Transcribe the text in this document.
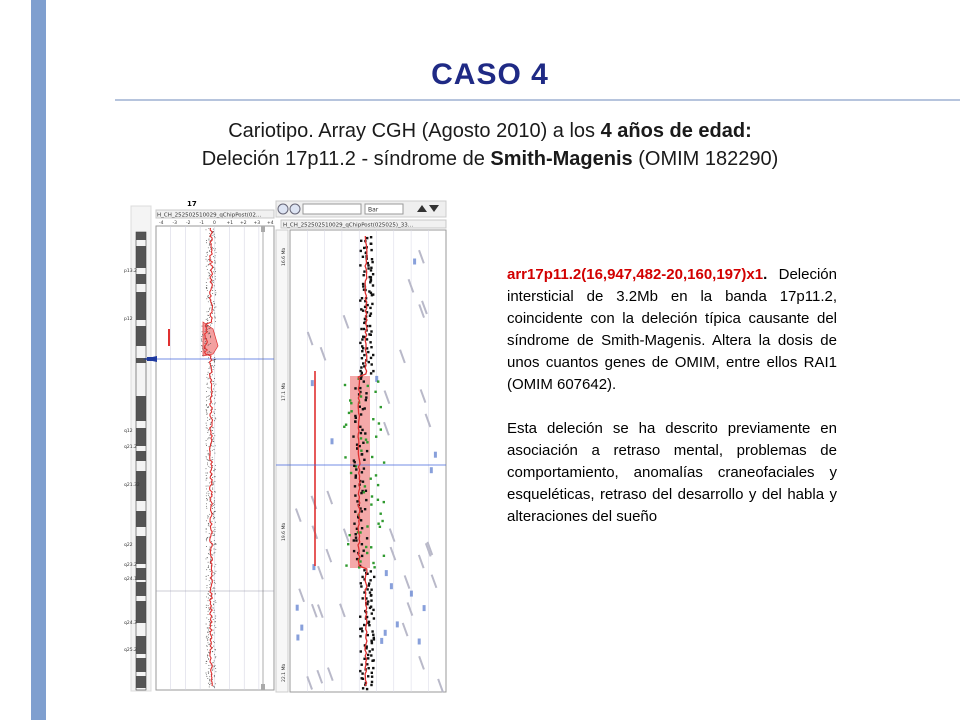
CASO 4
Cariotipo. Array CGH (Agosto 2010) a los 4 años de edad:
Deleción 17p11.2 - síndrome de Smith-Magenis (OMIM 182290)
17
p13.2
p12
q12
q21.2
q21.32
q22
q23.2
q24.1
q24.3
q25.2
H_CH_252502510029_qChipPost(02…
-4 -3 -2 -1 0 +1 +2 +3 +4
Bar
H_CH_252502510029_qChipPost(025025)_33…
16.6 Mb
17.1 Mb
19.6 Mb
22.1 Mb

arr17p11.2(16,947,482-20,160,197)x1. Deleción intersticial de 3.2Mb en la banda 17p11.2, coincidente con la deleción típica causante del síndrome de Smith-Magenis. Altera la dosis de unos cuantos genes de OMIM, entre ellos RAI1 (OMIM 607642).

Esta deleción se ha descrito previamente en asociación a retraso mental, problemas de comportamiento, anomalías craneofaciales y esqueléticas, retraso del desarrollo y del habla y alteraciones del sueño
